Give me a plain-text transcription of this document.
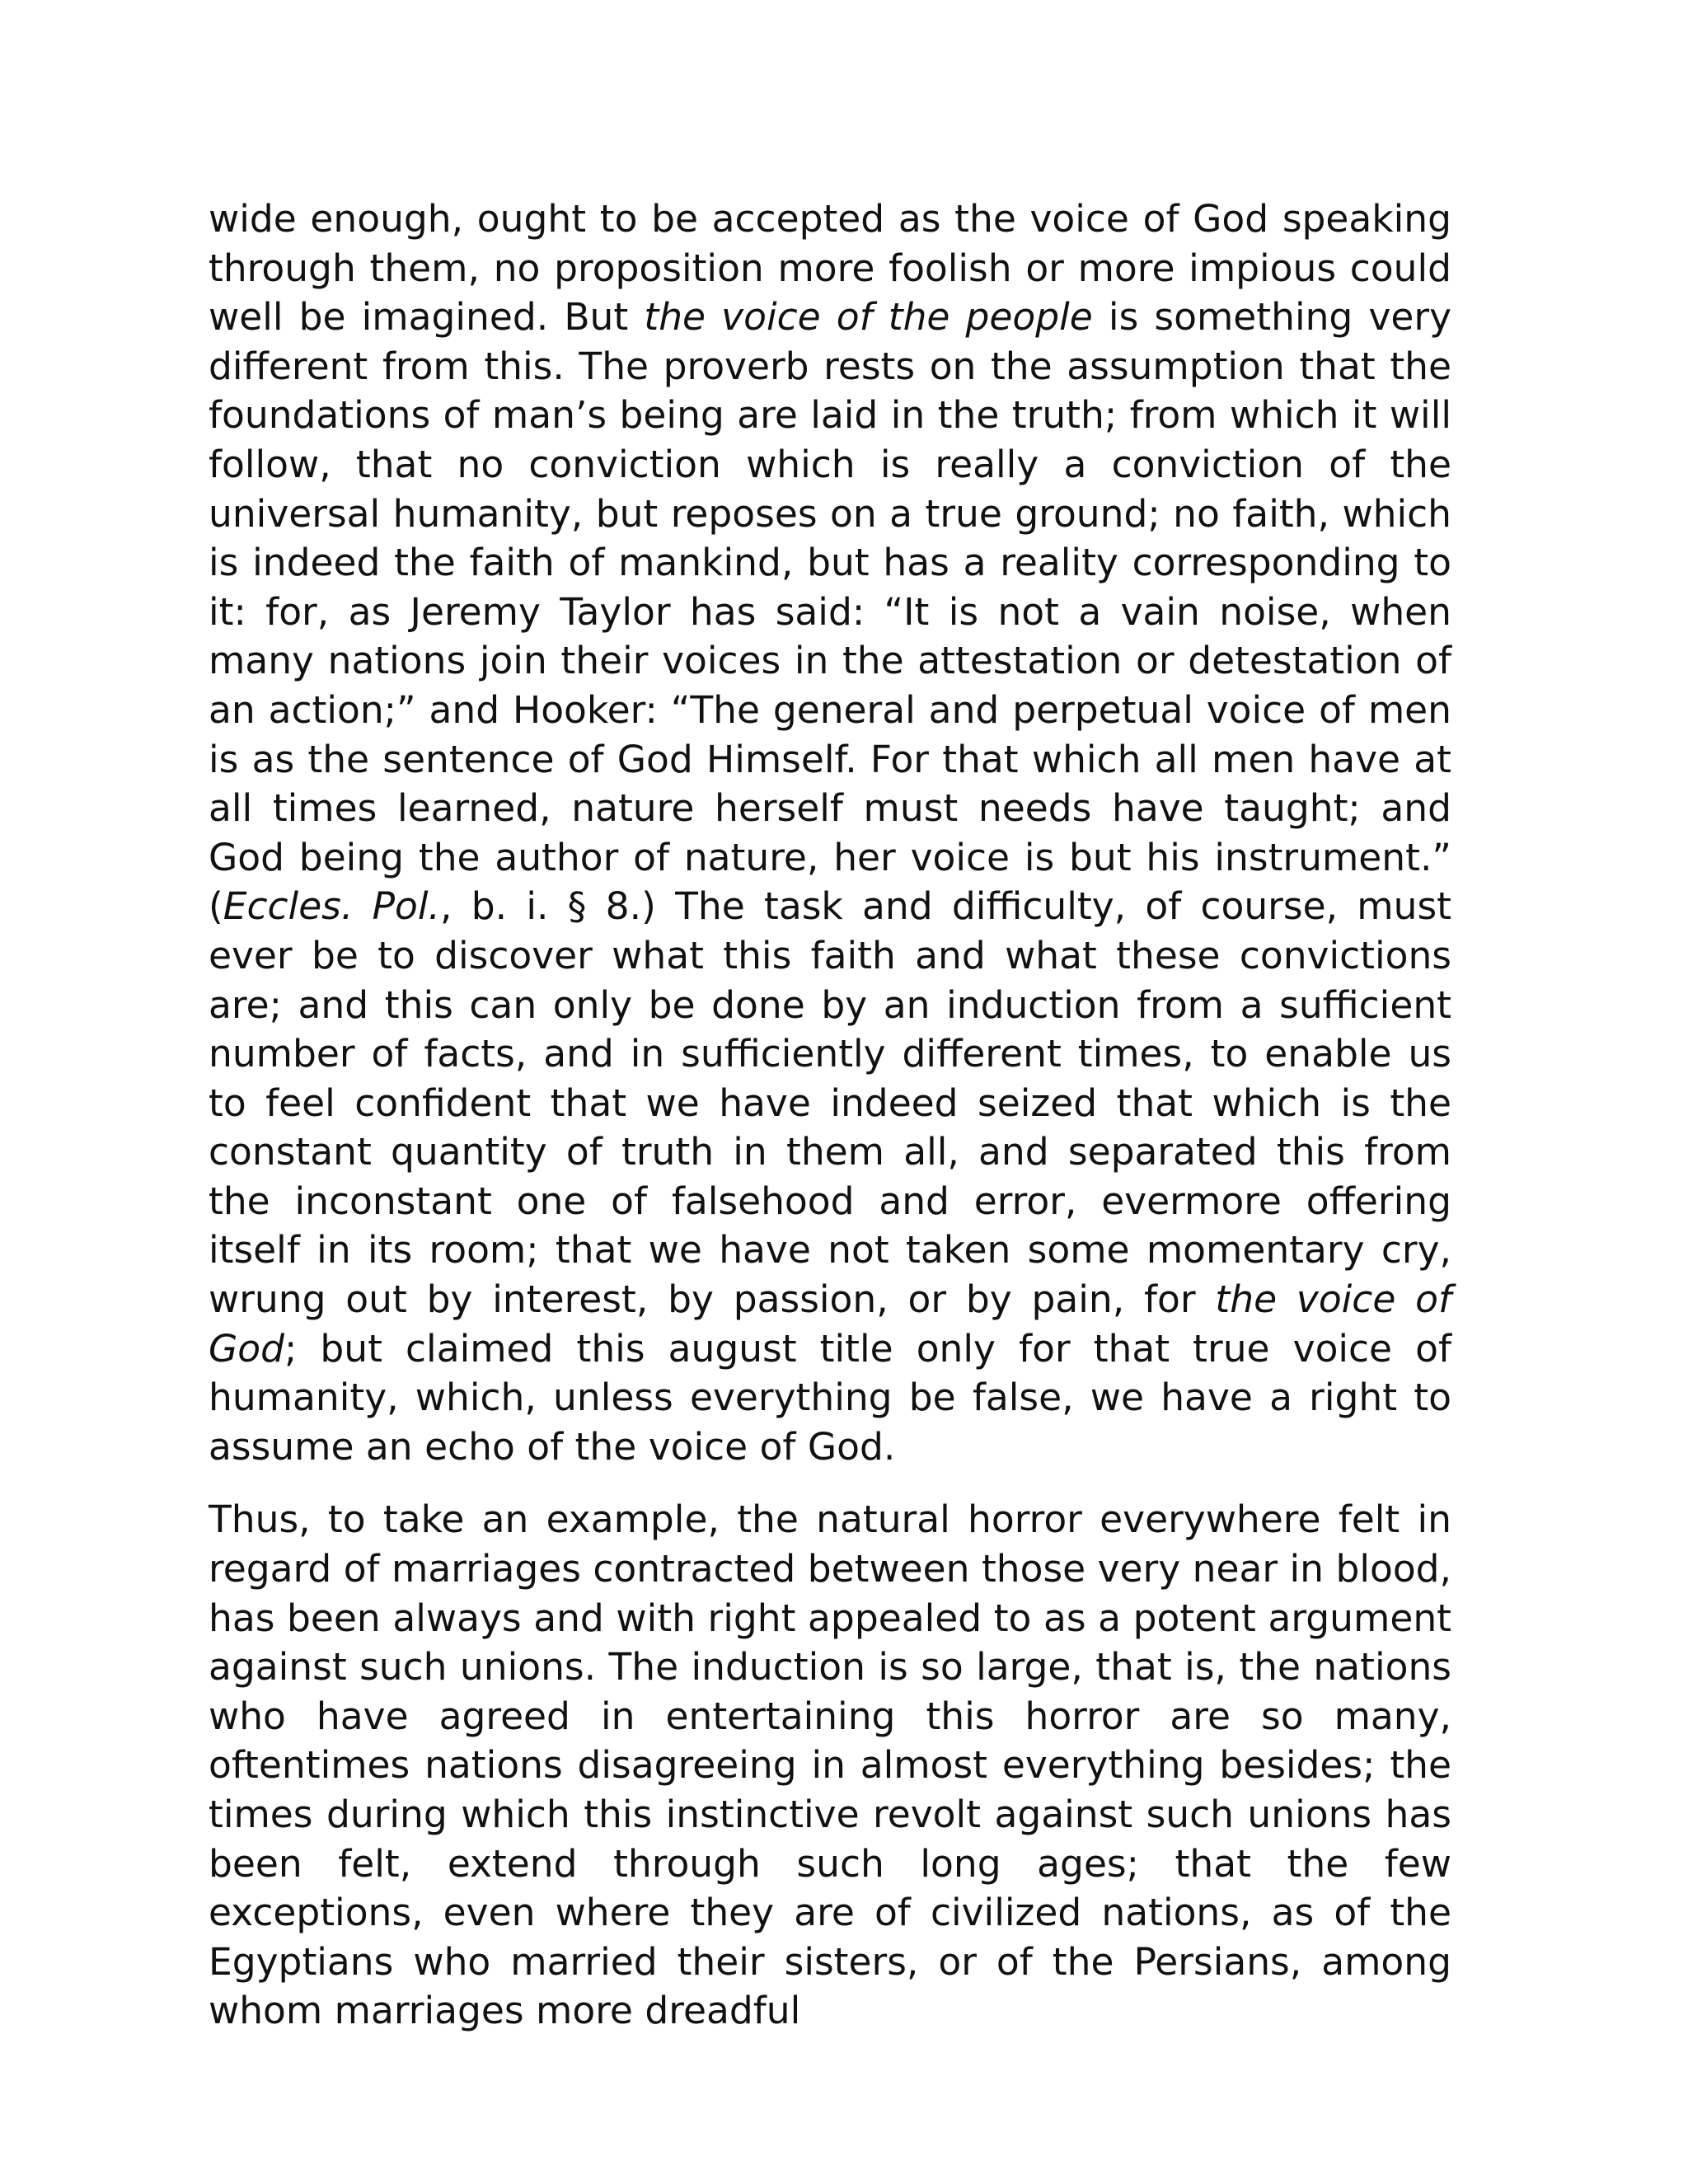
wide enough, ought to be accepted as the voice of God speaking through them, no proposition more foolish or more impious could well be imagined. But the voice of the people is something very different from this. The proverb rests on the assumption that the foundations of man’s being are laid in the truth; from which it will follow, that no conviction which is really a conviction of the universal humanity, but reposes on a true ground; no faith, which is indeed the faith of mankind, but has a reality corresponding to it: for, as Jeremy Taylor has said: “It is not a vain noise, when many nations join their voices in the attestation or detestation of an action;” and Hooker: “The general and perpetual voice of men is as the sentence of God Himself. For that which all men have at all times learned, nature herself must needs have taught; and God being the author of nature, her voice is but his instrument.” (Eccles. Pol., b. i. § 8.) The task and difficulty, of course, must ever be to discover what this faith and what these convictions are; and this can only be done by an induction from a sufficient number of facts, and in sufficiently different times, to enable us to feel confident that we have indeed seized that which is the constant quantity of truth in them all, and separated this from the inconstant one of falsehood and error, evermore offering itself in its room; that we have not taken some momentary cry, wrung out by interest, by passion, or by pain, for the voice of God; but claimed this august title only for that true voice of humanity, which, unless everything be false, we have a right to assume an echo of the voice of God.

Thus, to take an example, the natural horror everywhere felt in regard of marriages contracted between those very near in blood, has been always and with right appealed to as a potent argument against such unions. The induction is so large, that is, the nations who have agreed in entertaining this horror are so many, oftentimes nations disagreeing in almost everything besides; the times during which this instinctive revolt against such unions has been felt, extend through such long ages; that the few exceptions, even where they are of civilized nations, as of the Egyptians who married their sisters, or of the Persians, among whom marriages more dreadful
